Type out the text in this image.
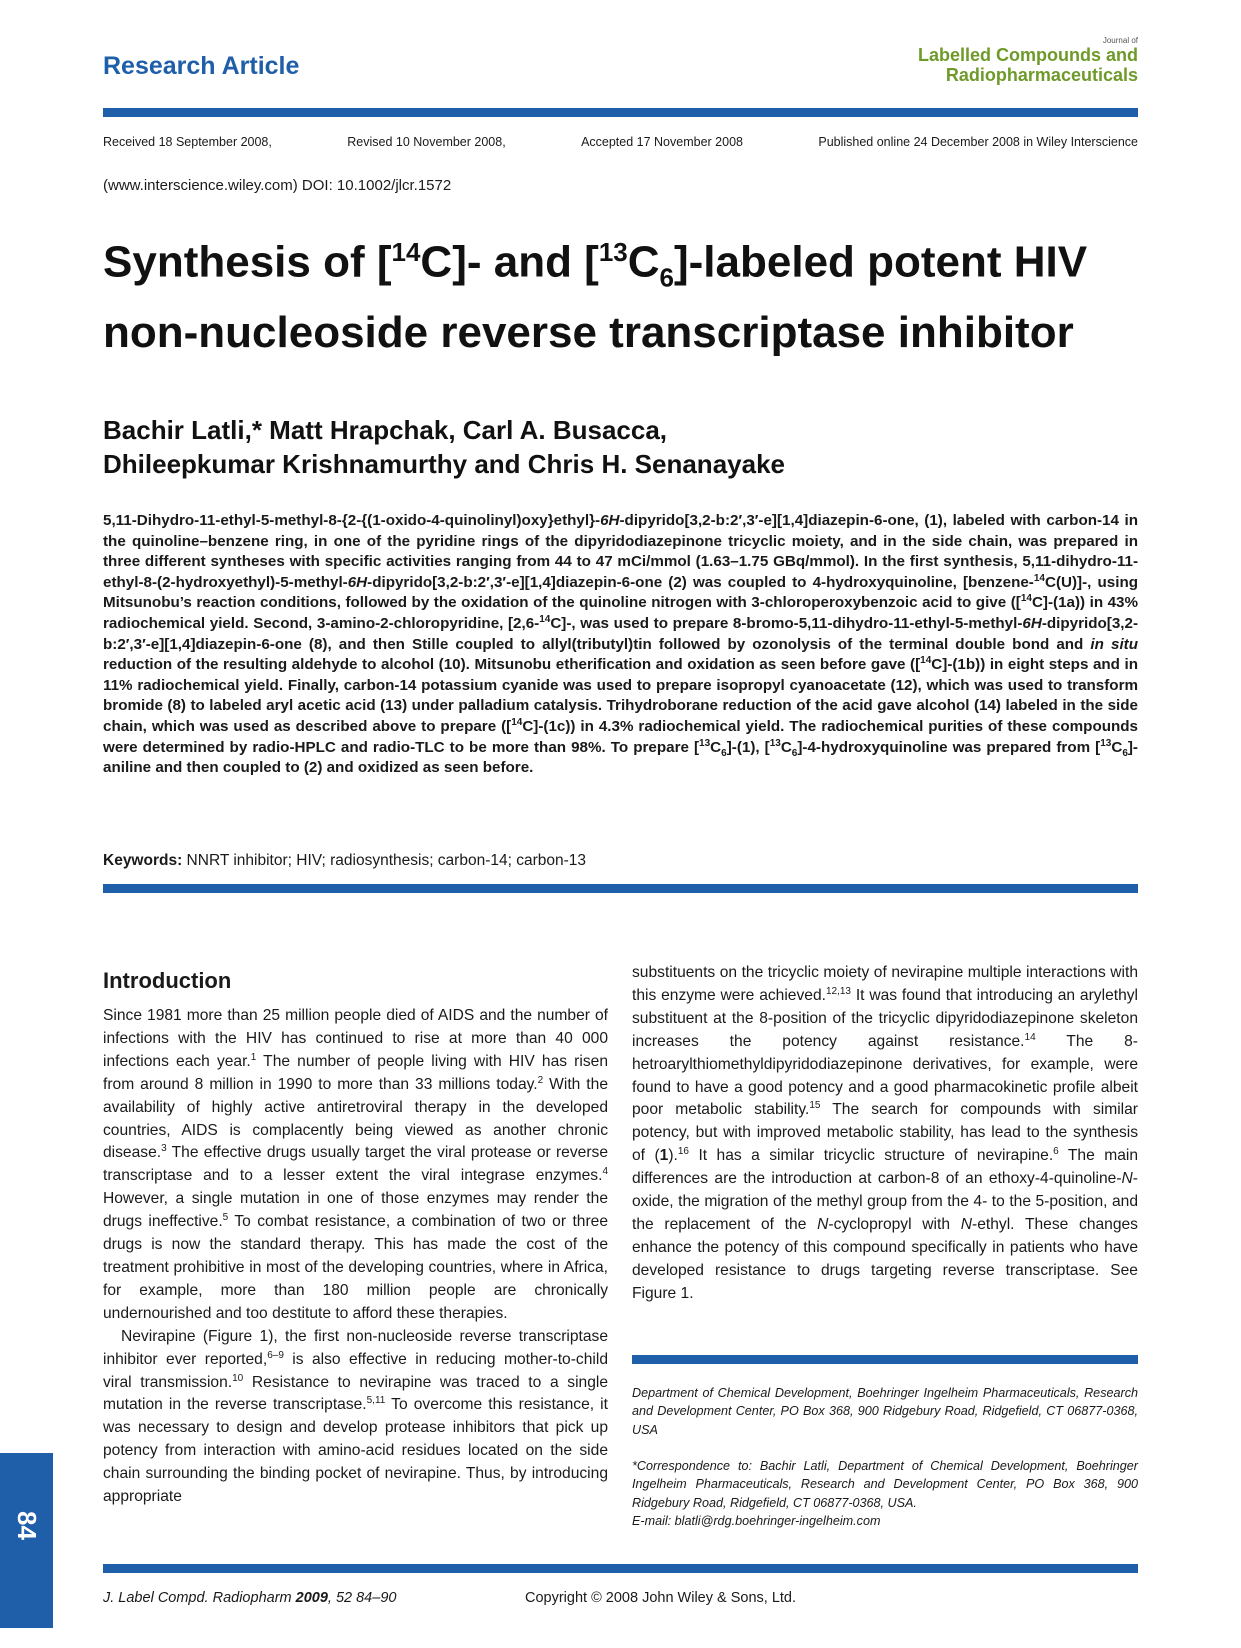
Research Article
Journal of
Labelled Compounds and
Radiopharmaceuticals
Received 18 September 2008,	Revised 10 November 2008,	Accepted 17 November 2008	Published online 24 December 2008 in Wiley Interscience
(www.interscience.wiley.com) DOI: 10.1002/jlcr.1572
Synthesis of [$^{14}$C]- and $[^{13}C_6]$-labeled potent HIV non-nucleoside reverse transcriptase inhibitor
Bachir Latli,* Matt Hrapchak, Carl A. Busacca,
Dhileepkumar Krishnamurthy and Chris H. Senanayake
5,11-Dihydro-11-ethyl-5-methyl-8-{2-{(1-oxido-4-quinolinyl)oxy}ethyl}-6H-dipyrido[3,2-b:2′,3′-e][1,4]diazepin-6-one, (1), labeled with carbon-14 in the quinoline–benzene ring, in one of the pyridine rings of the dipyridodiazepinone tricyclic moiety, and in the side chain, was prepared in three different syntheses with specific activities ranging from 44 to 47 mCi/mmol (1.63–1.75 GBq/mmol). In the first synthesis, 5,11-dihydro-11-ethyl-8-(2-hydroxyethyl)-5-methyl-6H-dipyrido[3,2-b:2′,3′-e][1,4]diazepin-6-one (2) was coupled to 4-hydroxyquinoline, [benzene-$^{14}$C(U)]-, using Mitsunobu’s reaction conditions, followed by the oxidation of the quinoline nitrogen with 3-chloroperoxybenzoic acid to give ([$^{14}$C]-(1a)) in 43% radiochemical yield. Second, 3-amino-2-chloropyridine, [2,6-$^{14}$C]-, was used to prepare 8-bromo-5,11-dihydro-11-ethyl-5-methyl-6H-dipyrido[3,2-b:2′,3′-e][1,4]diazepin-6-one (8), and then Stille coupled to allyl(tributyl)tin followed by ozonolysis of the terminal double bond and in situ reduction of the resulting aldehyde to alcohol (10). Mitsunobu etherification and oxidation as seen before gave ([$^{14}$C]-(1b)) in eight steps and in 11% radiochemical yield. Finally, carbon-14 potassium cyanide was used to prepare isopropyl cyanoacetate (12), which was used to transform bromide (8) to labeled aryl acetic acid (13) under palladium catalysis. Trihydroborane reduction of the acid gave alcohol (14) labeled in the side chain, which was used as described above to prepare ([$^{14}$C]-(1c)) in 4.3% radiochemical yield. The radiochemical purities of these compounds were determined by radio-HPLC and radio-TLC to be more than 98%. To prepare $[^{13}C_6]-(1)$, $[^{13}C_6]-4$-hydroxyquinoline was prepared from $[^{13}C_6]$-aniline and then coupled to (2) and oxidized as seen before.
Keywords: NNRT inhibitor; HIV; radiosynthesis; carbon-14; carbon-13
Introduction

Since 1981 more than 25 million people died of AIDS and the number of infections with the HIV has continued to rise at more than 40 000 infections each year.$^1$ The number of people living with HIV has risen from around 8 million in 1990 to more than 33 millions today.$^2$ With the availability of highly active antiretroviral therapy in the developed countries, AIDS is complacently being viewed as another chronic disease.$^3$ The effective drugs usually target the viral protease or reverse transcriptase and to a lesser extent the viral integrase enzymes.$^4$ However, a single mutation in one of those enzymes may render the drugs ineffective.$^5$ To combat resistance, a combination of two or three drugs is now the standard therapy. This has made the cost of the treatment prohibitive in most of the developing countries, where in Africa, for example, more than 180 million people are chronically undernourished and too destitute to afford these therapies.

Nevirapine (Figure 1), the first non-nucleoside reverse transcriptase inhibitor ever reported,$^{6-9}$ is also effective in reducing mother-to-child viral transmission.$^{10}$ Resistance to nevirapine was traced to a single mutation in the reverse transcriptase.$^{5,11}$ To overcome this resistance, it was necessary to design and develop protease inhibitors that pick up potency from interaction with amino-acid residues located on the side chain surrounding the binding pocket of nevirapine. Thus, by introducing appropriate

substituents on the tricyclic moiety of nevirapine multiple interactions with this enzyme were achieved.$^{12,13}$ It was found that introducing an arylethyl substituent at the 8-position of the tricyclic dipyridodiazepinone skeleton increases the potency against resistance.$^{14}$ The 8-hetroarylthiomethyldipyridodiazepinone derivatives, for example, were found to have a good potency and a good pharmacokinetic profile albeit poor metabolic stability.$^{15}$ The search for compounds with similar potency, but with improved metabolic stability, has lead to the synthesis of (1).$^{16}$ It has a similar tricyclic structure of nevirapine.$^6$ The main differences are the introduction at carbon-8 of an ethoxy-4-quinoline-N-oxide, the migration of the methyl group from the 4- to the 5-position, and the replacement of the N-cyclopropyl with N-ethyl. These changes enhance the potency of this compound specifically in patients who have developed resistance to drugs targeting reverse transcriptase. See Figure 1.

Department of Chemical Development, Boehringer Ingelheim Pharmaceuticals, Research and Development Center, PO Box 368, 900 Ridgebury Road, Ridgefield, CT 06877-0368, USA
*Correspondence to: Bachir Latli, Department of Chemical Development, Boehringer Ingelheim Pharmaceuticals, Research and Development Center, PO Box 368, 900 Ridgebury Road, Ridgefield, CT 06877-0368, USA.
E-mail: blatli@rdg.boehringer-ingelheim.com
84
J. Label Compd. Radiopharm 2009, 52 84–90	Copyright © 2008 John Wiley & Sons, Ltd.
